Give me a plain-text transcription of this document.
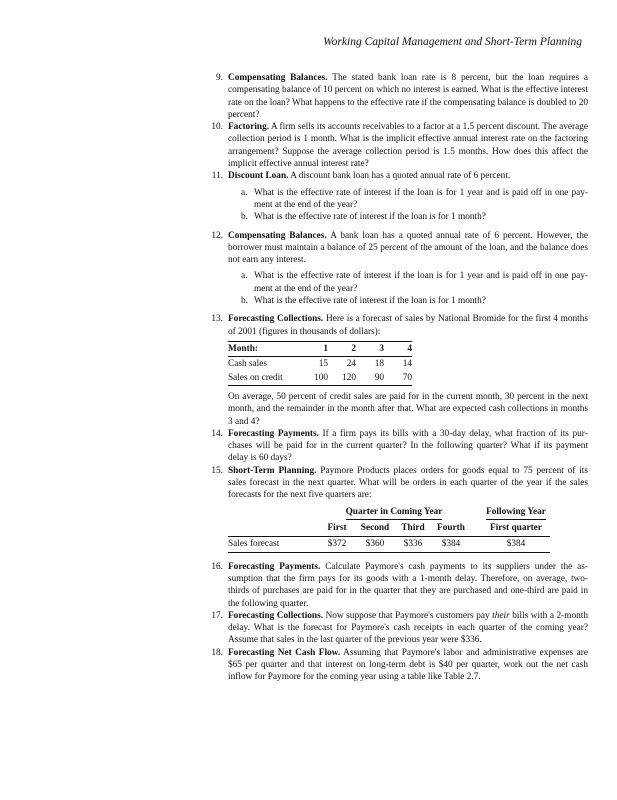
Working Capital Management and Short-Term Planning

9. Compensating Balances. The stated bank loan rate is 8 percent, but the loan requires a compensating balance of 10 percent on which no interest is earned. What is the effective interest rate on the loan? What happens to the effective rate if the compensating balance is doubled to 20 percent?

10. Factoring. A firm sells its accounts receivables to a factor at a 1.5 percent discount. The average collection period is 1 month. What is the implicit effective annual interest rate on the factoring arrangement? Suppose the average collection period is 1.5 months. How does this affect the implicit effective annual interest rate?

11. Discount Loan. A discount bank loan has a quoted annual rate of 6 percent.

a. What is the effective rate of interest if the loan is for 1 year and is paid off in one payment at the end of the year?

b. What is the effective rate of interest if the loan is for 1 month?

12. Compensating Balances. A bank loan has a quoted annual rate of 6 percent. However, the borrower must maintain a balance of 25 percent of the amount of the loan, and the balance does not earn any interest.

a. What is the effective rate of interest if the loan is for 1 year and is paid off in one payment at the end of the year?

b. What is the effective rate of interest if the loan is for 1 month?

13. Forecasting Collections. Here is a forecast of sales by National Bromide for the first 4 months of 2001 (figures in thousands of dollars):

Month:	1	2	3	4
Cash sales	15	24	18	14
Sales on credit	100	120	90	70

On average, 50 percent of credit sales are paid for in the current month, 30 percent in the next month, and the remainder in the month after that. What are expected cash collections in months 3 and 4?

14. Forecasting Payments. If a firm pays its bills with a 30-day delay, what fraction of its purchases will be paid for in the current quarter? In the following quarter? What if its payment delay is 60 days?

15. Short-Term Planning. Paymore Products places orders for goods equal to 75 percent of its sales forecast in the next quarter. What will be orders in each quarter of the year if the sales forecasts for the next five quarters are:

	Quarter in Coming Year					Following Year
	First	Second	Third	Fourth		First quarter
Sales forecast	$372	$360	$336	$384		$384

16. Forecasting Payments. Calculate Paymore's cash payments to its suppliers under the assumption that the firm pays for its goods with a 1-month delay. Therefore, on average, two-thirds of purchases are paid for in the quarter that they are purchased and one-third are paid in the following quarter.

17. Forecasting Collections. Now suppose that Paymore's customers pay their bills with a 2-month delay. What is the forecast for Paymore's cash receipts in each quarter of the coming year? Assume that sales in the last quarter of the previous year were $336.

18. Forecasting Net Cash Flow. Assuming that Paymore's labor and administrative expenses are $65 per quarter and that interest on long-term debt is $40 per quarter, work out the net cash inflow for Paymore for the coming year using a table like Table 2.7.
